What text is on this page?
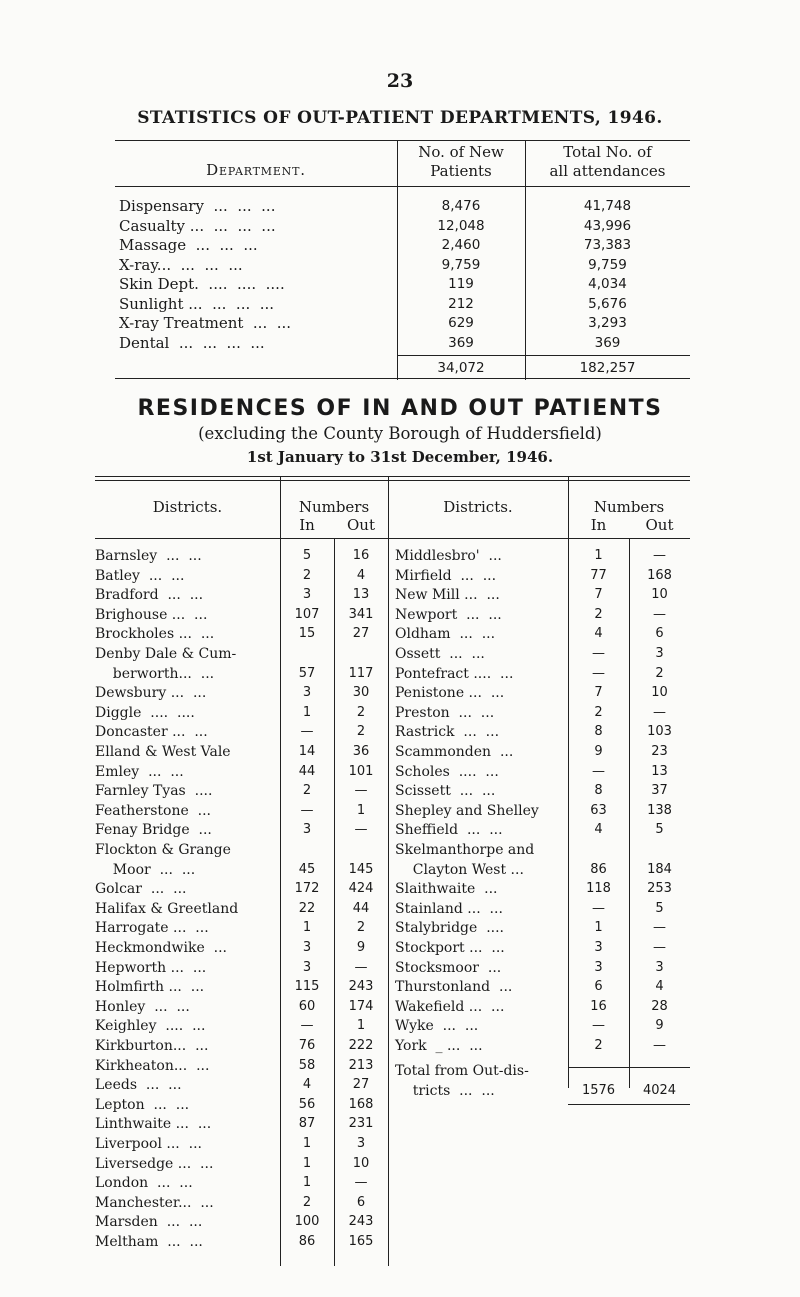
23
STATISTICS OF OUT-PATIENT DEPARTMENTS, 1946.
Department.
No. of New
Patients
Total No. of
all attendances
Dispensary  ...  ...  ...	8,476	41,748
Casualty ...  ...  ...  ...	12,048	43,996
Massage  ...  ...  ...	2,460	73,383
X-ray...  ...  ...  ...	9,759	9,759
Skin Dept.  ....  ....  ....	119	4,034
Sunlight ...  ...  ...  ...	212	5,676
X-ray Treatment  ...  ...	629	3,293
Dental  ...  ...  ...  ...	369	369
34,072	182,257
RESIDENCES OF IN AND OUT PATIENTS
(excluding the County Borough of Huddersfield)
1st January to 31st December, 1946.
Districts.	Numbers
In	Out
Districts.	Numbers
In	Out
Barnsley  ...  ...	5	16
Batley  ...  ...	2	4
Bradford  ...  ...	3	13
Brighouse ...  ...	107	341
Brockholes ...  ...	15	27
Denby Dale & Cum-
berworth...  ...	57	117
Dewsbury ...  ...	3	30
Diggle  ....  ....	1	2
Doncaster ...  ...	—	2
Elland & West Vale	14	36
Emley  ...  ...	44	101
Farnley Tyas  ....	2	—
Featherstone  ...	—	1
Fenay Bridge  ...	3	—
Flockton & Grange
Moor  ...  ...	45	145
Golcar  ...  ...	172	424
Halifax & Greetland	22	44
Harrogate ...  ...	1	2
Heckmondwike  ...	3	9
Hepworth ...  ...	3	—
Holmfirth ...  ...	115	243
Honley  ...  ...	60	174
Keighley  ....  ...	—	1
Kirkburton...  ...	76	222
Kirkheaton...  ...	58	213
Leeds  ...  ...	4	27
Lepton  ...  ...	56	168
Linthwaite ...  ...	87	231
Liverpool ...  ...	1	3
Liversedge ...  ...	1	10
London  ...  ...	1	—
Manchester...  ...	2	6
Marsden  ...  ...	100	243
Meltham  ...  ...	86	165
Middlesbro'  ...	1	—
Mirfield  ...  ...	77	168
New Mill ...  ...	7	10
Newport  ...  ...	2	—
Oldham  ...  ...	4	6
Ossett  ...  ...	—	3
Pontefract ....  ...	—	2
Penistone ...  ...	7	10
Preston  ...  ...	2	—
Rastrick  ...  ...	8	103
Scammonden  ...	9	23
Scholes  ....  ...	—	13
Scissett  ...  ...	8	37
Shepley and Shelley	63	138
Sheffield  ...  ...	4	5
Skelmanthorpe and
Clayton West ...	86	184
Slaithwaite  ...	118	253
Stainland ...  ...	—	5
Stalybridge  ....	1	—
Stockport ...  ...	3	—
Stocksmoor  ...	3	3
Thurstonland  ...	6	4
Wakefield ...  ...	16	28
Wyke  ...  ...	—	9
York  _ ...  ...	2	—
Total from Out-dis-
tricts  ...  ...	1576	4024
